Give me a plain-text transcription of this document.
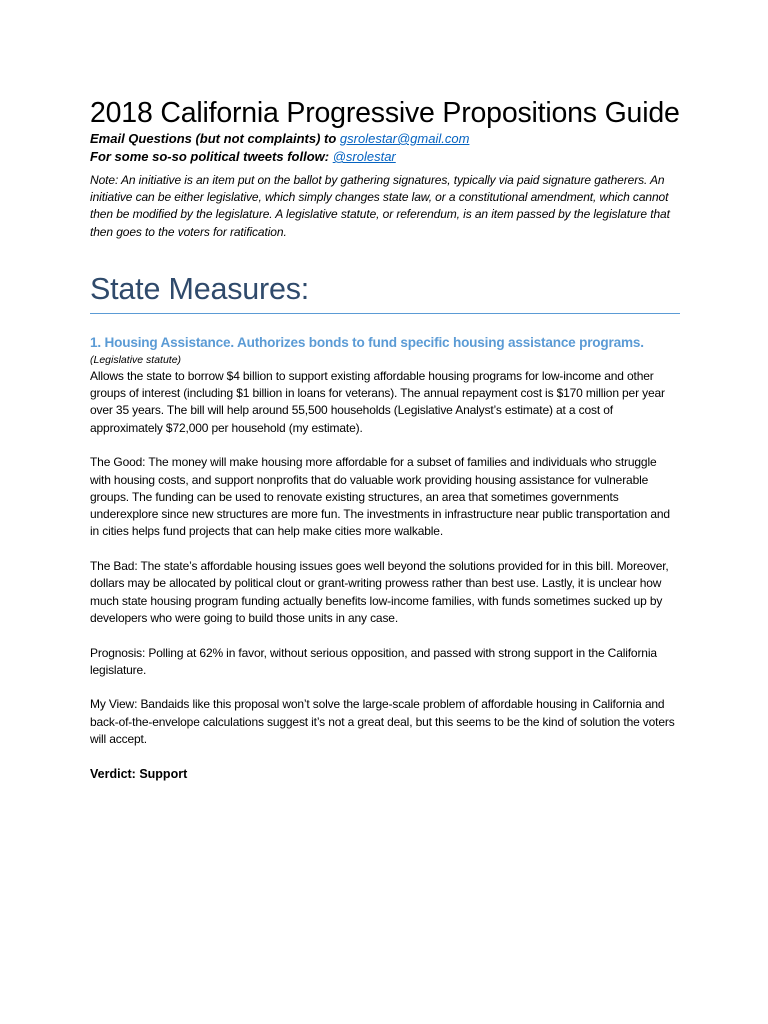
2018 California Progressive Propositions Guide

Email Questions (but not complaints) to gsrolestar@gmail.com

For some so-so political tweets follow: @srolestar

Note: An initiative is an item put on the ballot by gathering signatures, typically via paid signature gatherers. An initiative can be either legislative, which simply changes state law, or a constitutional amendment, which cannot then be modified by the legislature. A legislative statute, or referendum, is an item passed by the legislature that then goes to the voters for ratification.

State Measures:
1. Housing Assistance. Authorizes bonds to fund specific housing assistance programs.

(Legislative statute)

Allows the state to borrow $4 billion to support existing affordable housing programs for low-income and other groups of interest (including $1 billion in loans for veterans). The annual repayment cost is $170 million per year over 35 years. The bill will help around 55,500 households (Legislative Analyst’s estimate) at a cost of approximately $72,000 per household (my estimate).

The Good: The money will make housing more affordable for a subset of families and individuals who struggle with housing costs, and support nonprofits that do valuable work providing housing assistance for vulnerable groups. The funding can be used to renovate existing structures, an area that sometimes governments underexplore since new structures are more fun. The investments in infrastructure near public transportation and in cities helps fund projects that can help make cities more walkable.

The Bad: The state’s affordable housing issues goes well beyond the solutions provided for in this bill. Moreover, dollars may be allocated by political clout or grant-writing prowess rather than best use. Lastly, it is unclear how much state housing program funding actually benefits low-income families, with funds sometimes sucked up by developers who were going to build those units in any case.

Prognosis: Polling at 62% in favor, without serious opposition, and passed with strong support in the California legislature.

My View: Bandaids like this proposal won’t solve the large-scale problem of affordable housing in California and back-of-the-envelope calculations suggest it’s not a great deal, but this seems to be the kind of solution the voters will accept.

Verdict: Support
